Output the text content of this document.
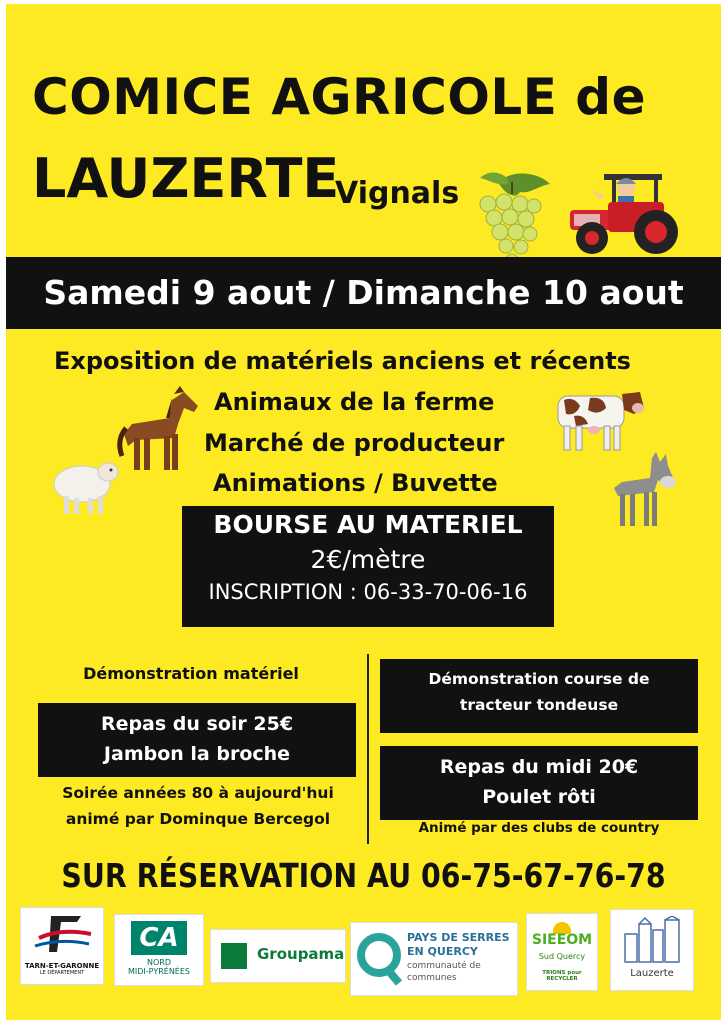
COMICE AGRICOLE de
LAUZERTE
Vignals
Samedi 9 aout / Dimanche 10 aout
Exposition de matériels anciens et récents
Animaux de la ferme
Marché de producteur
Animations / Buvette
BOURSE AU MATERIEL
2€/mètre
INSCRIPTION : 06-33-70-06-16
Démonstration matériel
Repas du soir 25€
Jambon la broche
Soirée années 80 à aujourd'hui
animé par Dominque Bercegol
Démonstration course de
tracteur tondeuse
Repas du midi 20€
Poulet rôti
Animé par des clubs de country
SUR RÉSERVATION AU 06-75-67-76-78
TARN-ET-GARONNE
LE DÉPARTEMENT
CA
NORD
MIDI-PYRÉNÉES
Groupama
PAYS DE SERRES
EN QUERCY
communauté de
communes
SIEEOM
Sud Quercy
TRIONS pour RECYCLER	Lauzerte
